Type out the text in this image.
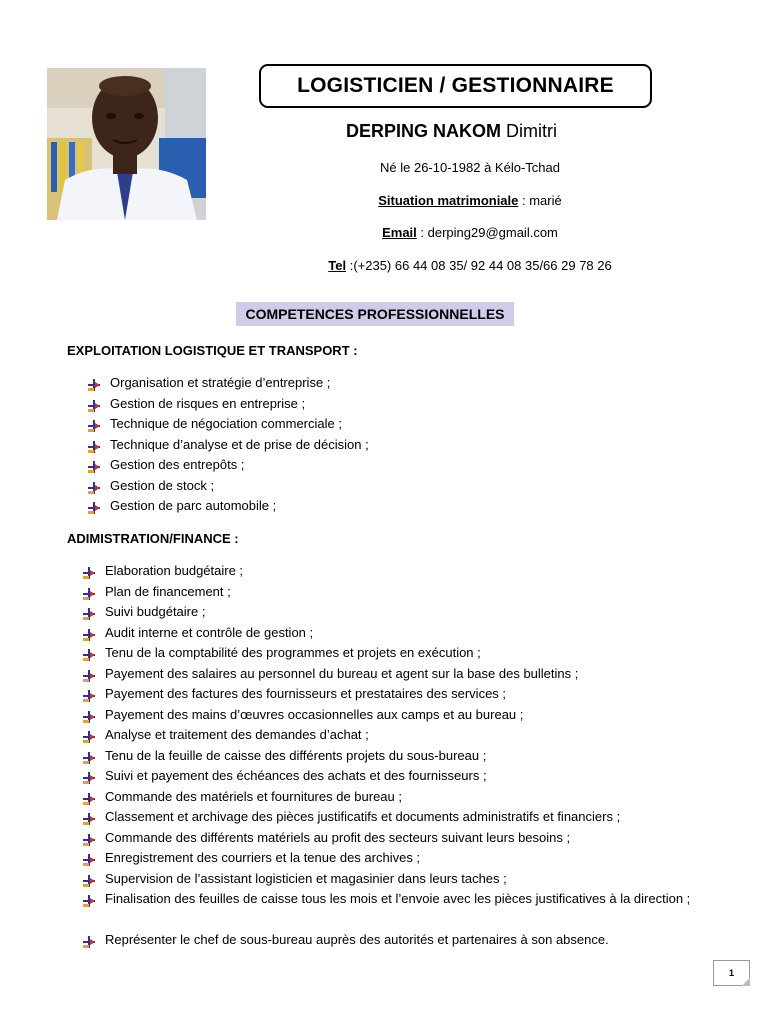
LOGISTICIEN / GESTIONNAIRE
DERPING NAKOM Dimitri
Né le 26-10-1982 à Kélo-Tchad
Situation matrimoniale : marié
Email : derping29@gmail.com
Tel :(+235) 66 44 08 35/ 92 44 08 35/66 29 78 26
COMPETENCES PROFESSIONNELLES
EXPLOITATION LOGISTIQUE ET TRANSPORT :
Organisation et stratégie d’entreprise ;
Gestion de risques en entreprise ;
Technique de négociation commerciale ;
Technique d’analyse et de prise de décision ;
Gestion des entrepôts ;
Gestion de stock ;
Gestion de parc automobile ;
ADIMISTRATION/FINANCE :
Elaboration budgétaire ;
Plan de financement ;
Suivi budgétaire ;
Audit interne et contrôle de gestion ;
Tenu de la comptabilité des programmes et projets en exécution ;
Payement des salaires au personnel du bureau et agent sur la base des bulletins ;
Payement des factures des fournisseurs et prestataires des services ;
Payement des mains d’œuvres occasionnelles aux camps et au bureau ;
Analyse et traitement des demandes d’achat ;
Tenu de la feuille de caisse des différents projets du sous-bureau ;
Suivi et payement des échéances des achats et des fournisseurs ;
Commande des matériels et fournitures de bureau ;
Classement et archivage des pièces justificatifs et documents administratifs et financiers ;
Commande des différents matériels au profit des secteurs suivant leurs besoins ;
Enregistrement des courriers et la tenue des archives ;
Supervision de l’assistant logisticien et magasinier dans leurs taches ;
Finalisation des feuilles de caisse tous les mois et l’envoie avec les pièces justificatives à la direction ;
Représenter le chef de sous-bureau auprès des autorités et partenaires à son absence.
1
